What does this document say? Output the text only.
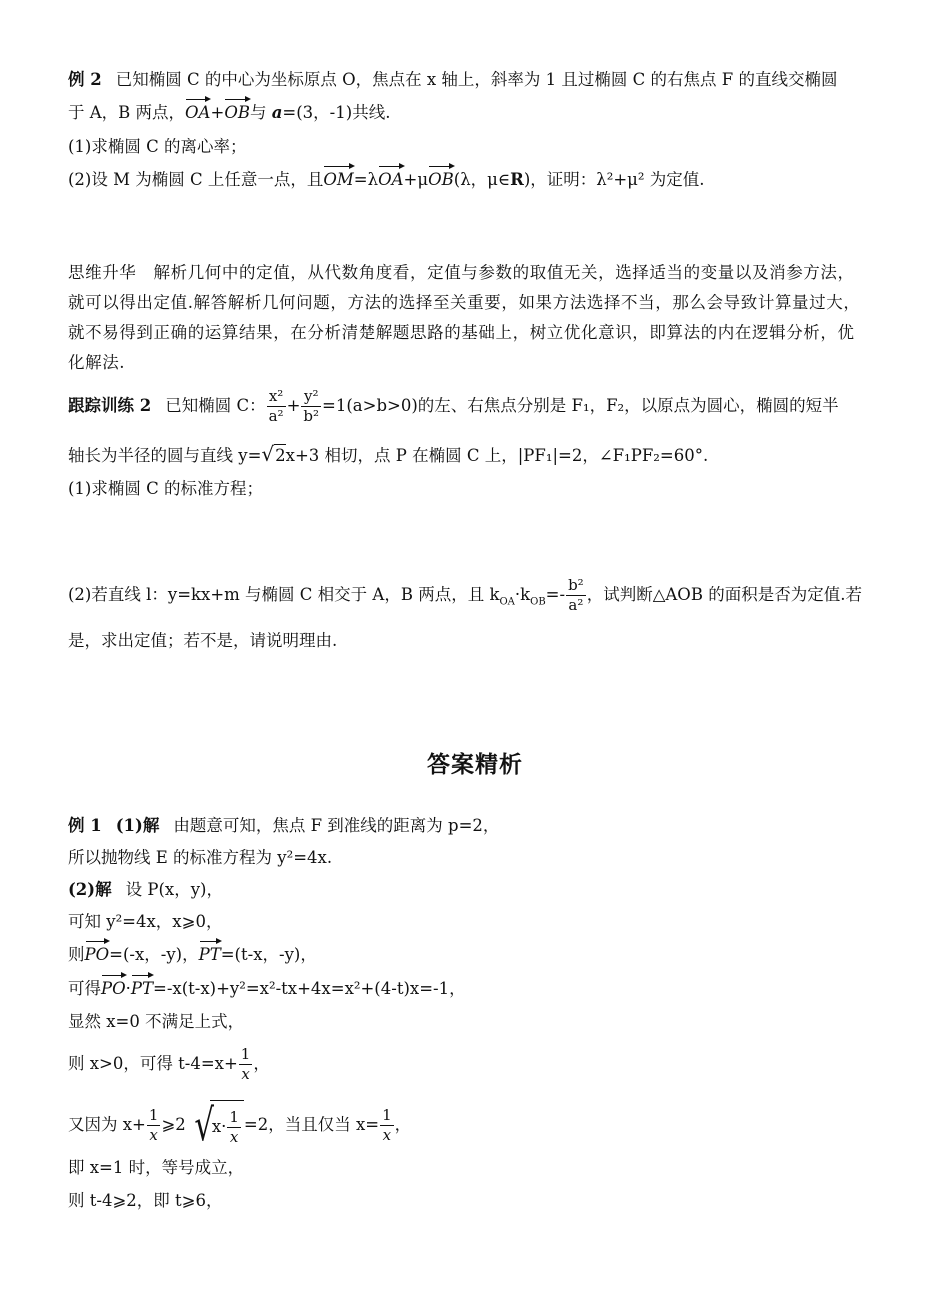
例 2 已知椭圆 C 的中心为坐标原点 O，焦点在 x 轴上，斜率为 1 且过椭圆 C 的右焦点 F 的直线交椭圆
于 A，B 两点，OA+OB与 a=(3，-1)共线.
(1)求椭圆 C 的离心率；
(2)设 M 为椭圆 C 上任意一点，且OM=λOA+μOB(λ，μ∈R)，证明：λ²+μ² 为定值.
思维升华　解析几何中的定值，从代数角度看，定值与参数的取值无关，选择适当的变量以及消参方法，
就可以得出定值.解答解析几何问题，方法的选择至关重要，如果方法选择不当，那么会导致计算量过大，
就不易得到正确的运算结果，在分析清楚解题思路的基础上，树立优化意识，即算法的内在逻辑分析，优
化解法.
跟踪训练 2 已知椭圆 C： $\frac{\text{x²}}{\text{a²}} + \frac{\text{y²}}{\text{b²}} =1(a>b>0)$的左、右焦点分别是 F₁，F₂，以原点为圆心，椭圆的短半
轴长为半径的圆与直线 y=√2x+3 相切，点 P 在椭圆 C 上，|PF₁|=2，∠F₁PF₂=60°.
(1)求椭圆 C 的标准方程；
(2)若直线 l：y=kx+m 与椭圆 C 相交于 A，B 两点，且 $k_{OA}\cdot k_{OB}=- \frac{\text{b²}}{\text{a²}}$ ，试判断△AOB 的面积是否为定值.若
是，求出定值；若不是，请说明理由.
答案精析
例 1 (1)解 由题意可知，焦点 F 到准线的距离为 p=2，
所以抛物线 E 的标准方程为 y²=4x.
(2)解 设 P(x，y)，
可知 y²=4x，x⩾0，
则PO=(-x，-y)，PT=(t-x，-y)，
可得PO·PT=-x(t-x)+y²=x²-tx+4x=x²+(4-t)x=-1，
显然 x=0 不满足上式，
则 x>0，可得 $t-4=x+ \frac{1}{x}$ ，
又因为 $x+ \frac{1}{x}$ ⩾2 $√x\cdot \frac{1}{x} =2$，当且仅当 $x= \frac{1}{x}$ ，
即 x=1 时，等号成立，
则 t-4⩾2，即 t⩾6，
